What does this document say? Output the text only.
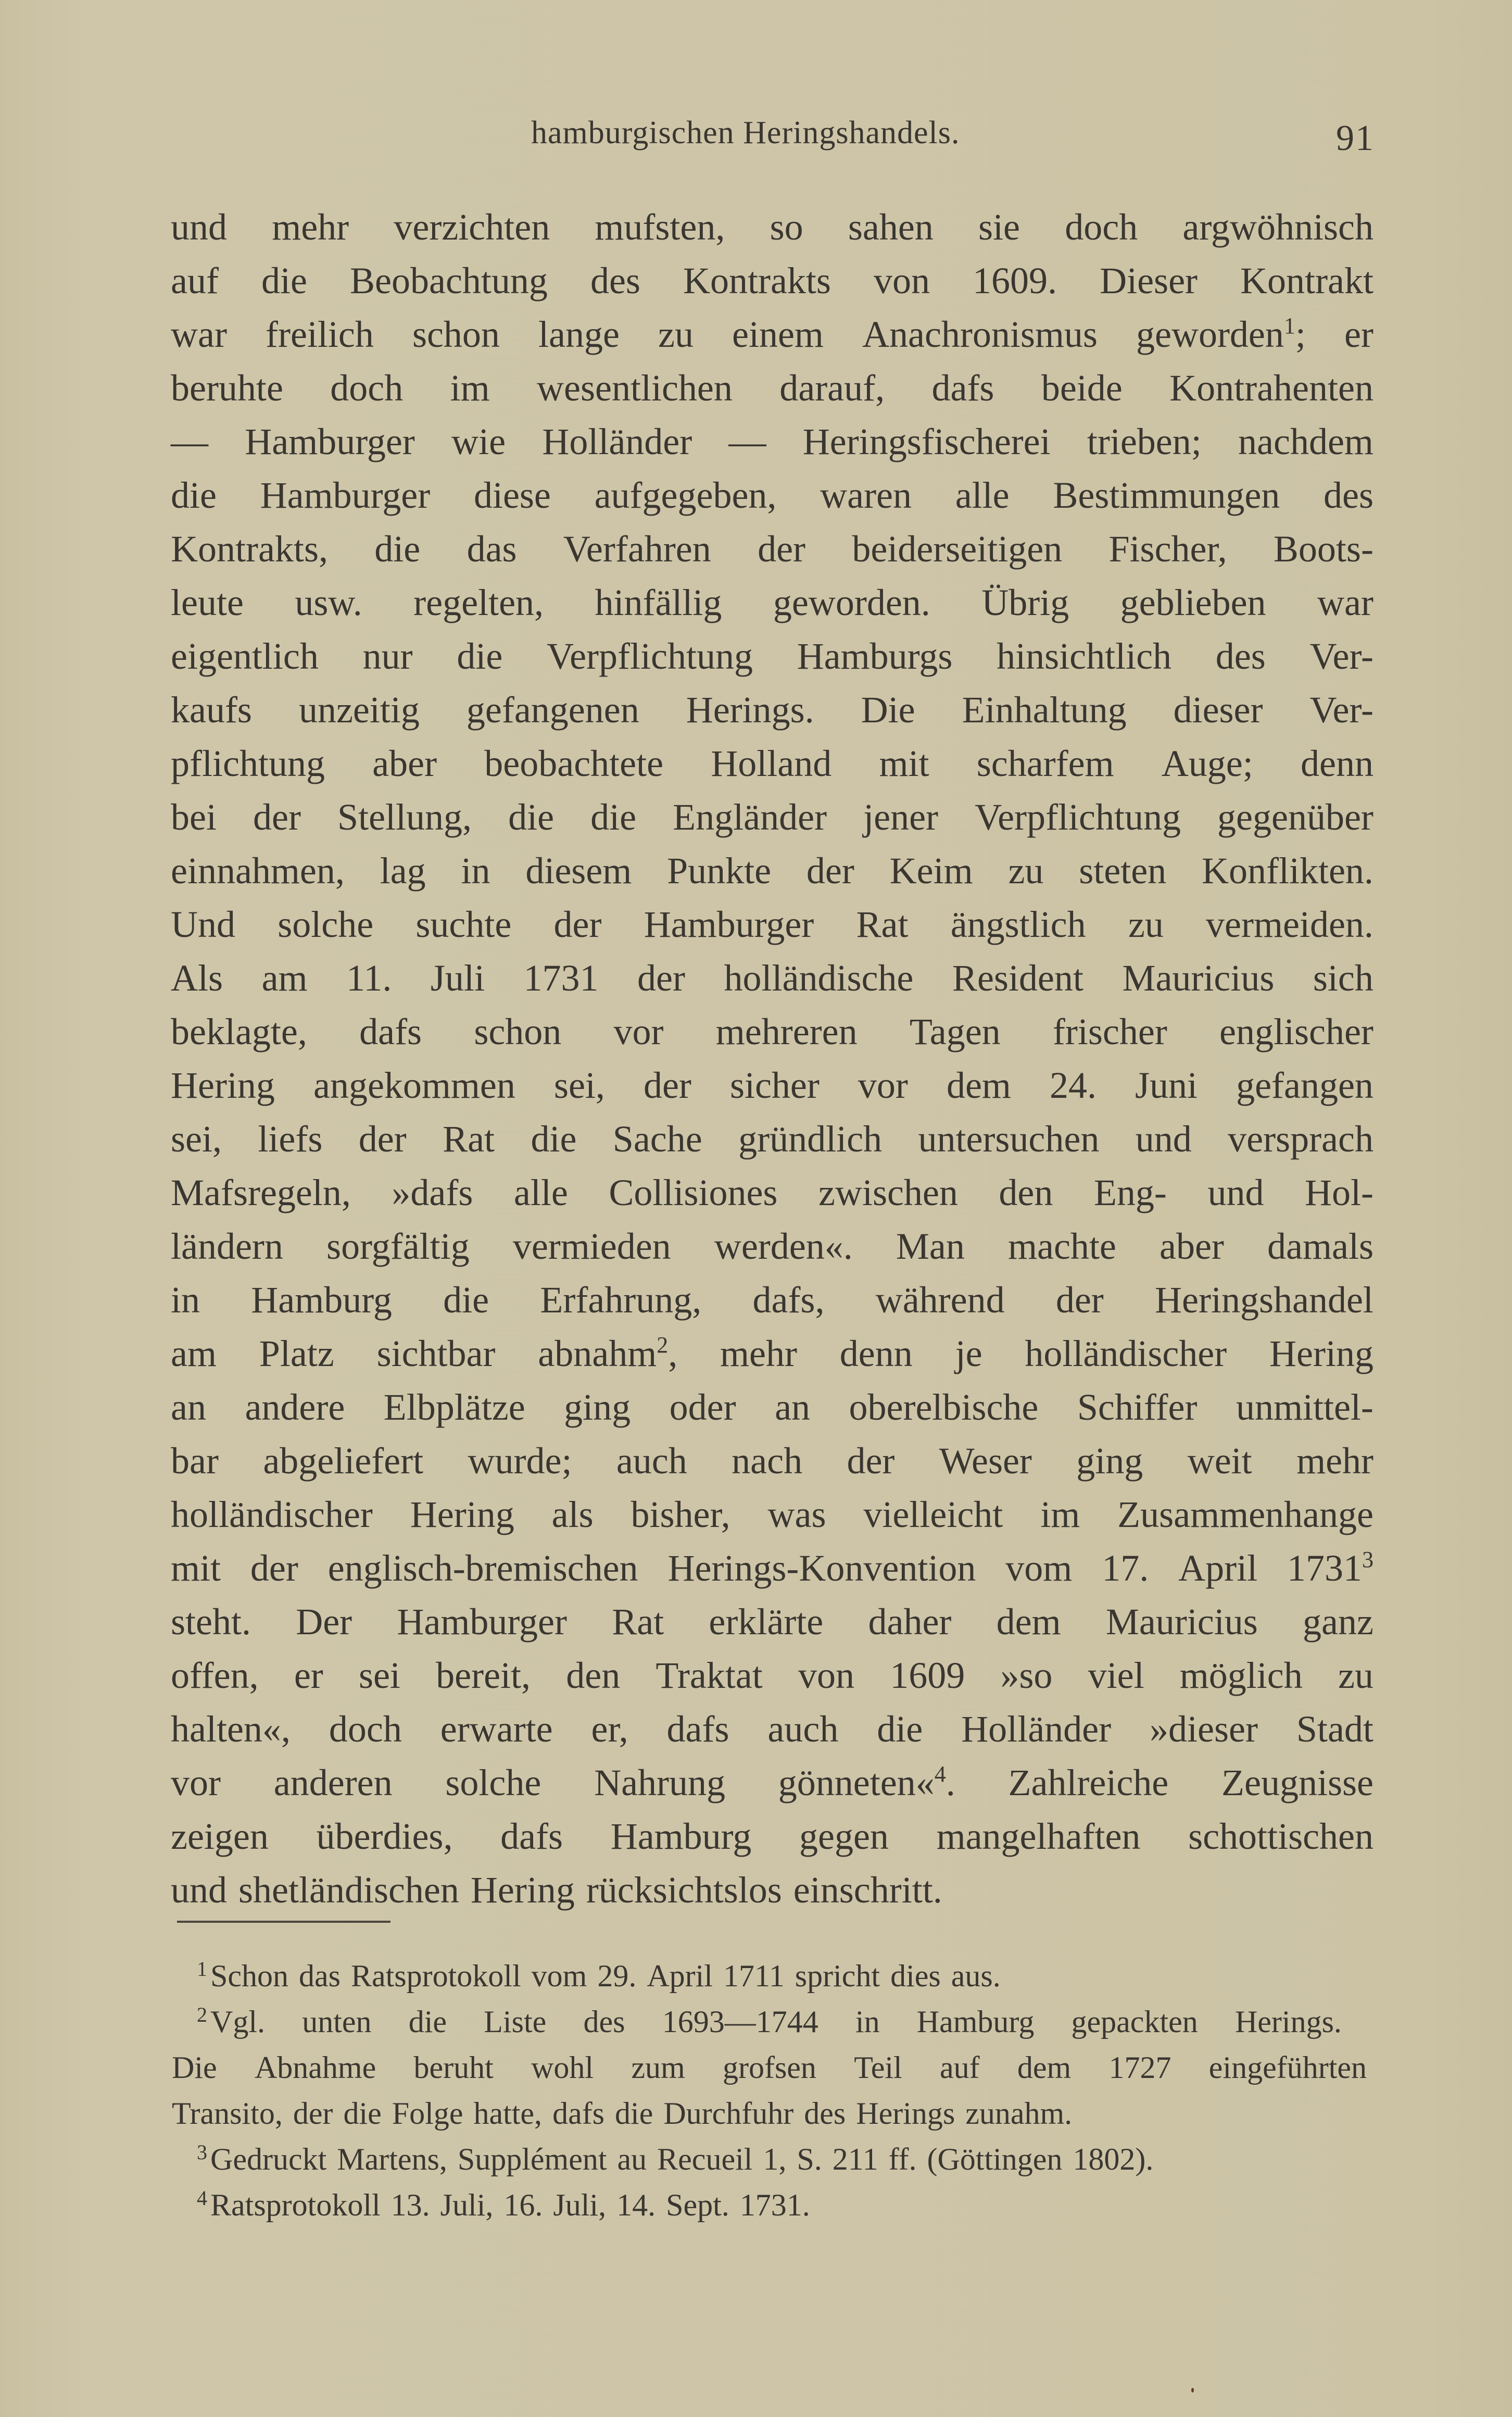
hamburgischen Heringshandels.	91
und mehr verzichten mufsten, so sahen sie doch argwöhnisch
auf die Beobachtung des Kontrakts von 1609. Dieser Kontrakt
war freilich schon lange zu einem Anachronismus geworden$^1$; er
beruhte doch im wesentlichen darauf, dafs beide Kontrahenten
— Hamburger wie Holländer — Heringsfischerei trieben; nachdem
die Hamburger diese aufgegeben, waren alle Bestimmungen des
Kontrakts, die das Verfahren der beiderseitigen Fischer, Boots-
leute usw. regelten, hinfällig geworden. Übrig geblieben war
eigentlich nur die Verpflichtung Hamburgs hinsichtlich des Ver-
kaufs unzeitig gefangenen Herings. Die Einhaltung dieser Ver-
pflichtung aber beobachtete Holland mit scharfem Auge; denn
bei der Stellung, die die Engländer jener Verpflichtung gegenüber
einnahmen, lag in diesem Punkte der Keim zu steten Konflikten.
Und solche suchte der Hamburger Rat ängstlich zu vermeiden.
Als am 11. Juli 1731 der holländische Resident Mauricius sich
beklagte, dafs schon vor mehreren Tagen frischer englischer
Hering angekommen sei, der sicher vor dem 24. Juni gefangen
sei, liefs der Rat die Sache gründlich untersuchen und versprach
Mafsregeln, »dafs alle Collisiones zwischen den Eng- und Hol-
ländern sorgfältig vermieden werden«. Man machte aber damals
in Hamburg die Erfahrung, dafs, während der Heringshandel
am Platz sichtbar abnahm$^2$, mehr denn je holländischer Hering
an andere Elbplätze ging oder an oberelbische Schiffer unmittel-
bar abgeliefert wurde; auch nach der Weser ging weit mehr
holländischer Hering als bisher, was vielleicht im Zusammenhange
mit der englisch-bremischen Herings-Konvention vom 17. April 1731$^3$
steht. Der Hamburger Rat erklärte daher dem Mauricius ganz
offen, er sei bereit, den Traktat von 1609 »so viel möglich zu
halten«, doch erwarte er, dafs auch die Holländer »dieser Stadt
vor anderen solche Nahrung gönneten«$^4$. Zahlreiche Zeugnisse
zeigen überdies, dafs Hamburg gegen mangelhaften schottischen
und shetländischen Hering rücksichtslos einschritt.
$^1$ Schon das Ratsprotokoll vom 29. April 1711 spricht dies aus.
$^2$ Vgl. unten die Liste des 1693—1744 in Hamburg gepackten Herings.
Die Abnahme beruht wohl zum grofsen Teil auf dem 1727 eingeführten
Transito, der die Folge hatte, dafs die Durchfuhr des Herings zunahm.
$^3$ Gedruckt Martens, Supplément au Recueil 1, S. 211 ff. (Göttingen 1802).
$^4$ Ratsprotokoll 13. Juli, 16. Juli, 14. Sept. 1731.
